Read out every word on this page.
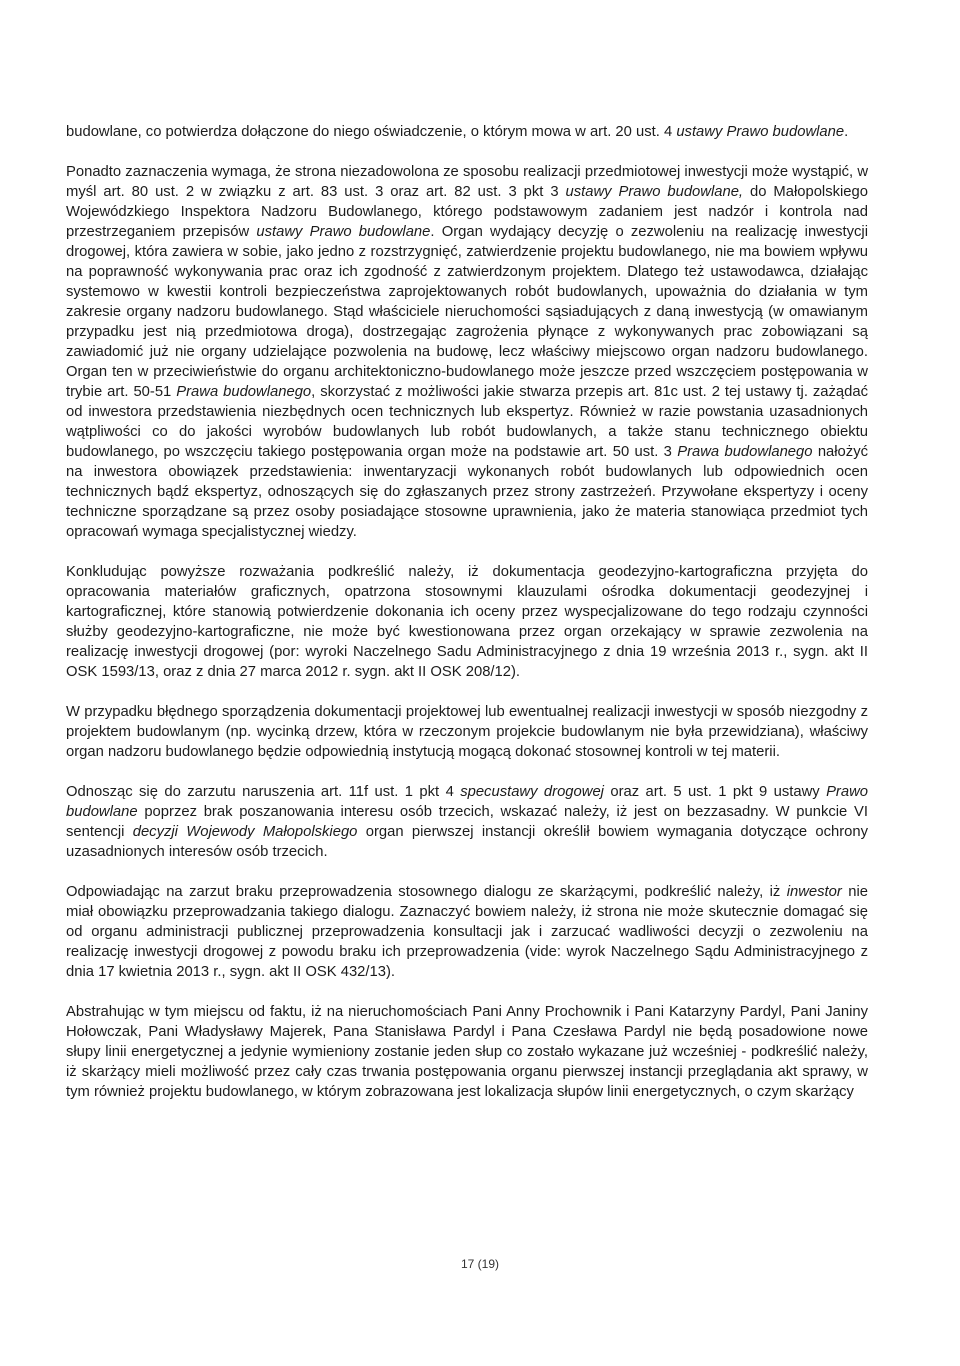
budowlane, co potwierdza dołączone do niego oświadczenie, o którym mowa w art. 20 ust. 4 ustawy Prawo budowlane.

Ponadto zaznaczenia wymaga, że strona niezadowolona ze sposobu realizacji przedmiotowej inwestycji może wystąpić, w myśl art. 80 ust. 2 w związku z art. 83 ust. 3 oraz art. 82 ust. 3 pkt 3 ustawy Prawo budowlane, do Małopolskiego Wojewódzkiego Inspektora Nadzoru Budowlanego, którego podstawowym zadaniem jest nadzór i kontrola nad przestrzeganiem przepisów ustawy Prawo budowlane. Organ wydający decyzję o zezwoleniu na realizację inwestycji drogowej, która zawiera w sobie, jako jedno z rozstrzygnięć, zatwierdzenie projektu budowlanego, nie ma bowiem wpływu na poprawność wykonywania prac oraz ich zgodność z zatwierdzonym projektem. Dlatego też ustawodawca, działając systemowo w kwestii kontroli bezpieczeństwa zaprojektowanych robót budowlanych, upoważnia do działania w tym zakresie organy nadzoru budowlanego. Stąd właściciele nieruchomości sąsiadujących z daną inwestycją (w omawianym przypadku jest nią przedmiotowa droga), dostrzegając zagrożenia płynące z wykonywanych prac zobowiązani są zawiadomić już nie organy udzielające pozwolenia na budowę, lecz właściwy miejscowo organ nadzoru budowlanego. Organ ten w przeciwieństwie do organu architektoniczno-budowlanego może jeszcze przed wszczęciem postępowania w trybie art. 50-51 Prawa budowlanego, skorzystać z możliwości jakie stwarza przepis art. 81c ust. 2 tej ustawy tj. zażądać od inwestora przedstawienia niezbędnych ocen technicznych lub ekspertyz. Również w razie powstania uzasadnionych wątpliwości co do jakości wyrobów budowlanych lub robót budowlanych, a także stanu technicznego obiektu budowlanego, po wszczęciu takiego postępowania organ może na podstawie art. 50 ust. 3 Prawa budowlanego nałożyć na inwestora obowiązek przedstawienia: inwentaryzacji wykonanych robót budowlanych lub odpowiednich ocen technicznych bądź ekspertyz, odnoszących się do zgłaszanych przez strony zastrzeżeń. Przywołane ekspertyzy i oceny techniczne sporządzane są przez osoby posiadające stosowne uprawnienia, jako że materia stanowiąca przedmiot tych opracowań wymaga specjalistycznej wiedzy.

Konkludując powyższe rozważania podkreślić należy, iż dokumentacja geodezyjno-kartograficzna przyjęta do opracowania materiałów graficznych, opatrzona stosownymi klauzulami ośrodka dokumentacji geodezyjnej i kartograficznej, które stanowią potwierdzenie dokonania ich oceny przez wyspecjalizowane do tego rodzaju czynności służby geodezyjno-kartograficzne, nie może być kwestionowana przez organ orzekający w sprawie zezwolenia na realizację inwestycji drogowej (por: wyroki Naczelnego Sadu Administracyjnego z dnia 19 września 2013 r., sygn. akt II OSK 1593/13, oraz z dnia 27 marca 2012 r. sygn. akt II OSK 208/12).

W przypadku błędnego sporządzenia dokumentacji projektowej lub ewentualnej realizacji inwestycji w sposób niezgodny z projektem budowlanym (np. wycinką drzew, która w rzeczonym projekcie budowlanym nie była przewidziana), właściwy organ nadzoru budowlanego będzie odpowiednią instytucją mogącą dokonać stosownej kontroli w tej materii.

Odnosząc się do zarzutu naruszenia art. 11f ust. 1 pkt 4 specustawy drogowej oraz art. 5 ust. 1 pkt 9 ustawy Prawo budowlane poprzez brak poszanowania interesu osób trzecich, wskazać należy, iż jest on bezzasadny. W punkcie VI sentencji decyzji Wojewody Małopolskiego organ pierwszej instancji określił bowiem wymagania dotyczące ochrony uzasadnionych interesów osób trzecich.

Odpowiadając na zarzut braku przeprowadzenia stosownego dialogu ze skarżącymi, podkreślić należy, iż inwestor nie miał obowiązku przeprowadzania takiego dialogu. Zaznaczyć bowiem należy, iż strona nie może skutecznie domagać się od organu administracji publicznej przeprowadzenia konsultacji jak i zarzucać wadliwości decyzji o zezwoleniu na realizację inwestycji drogowej z powodu braku ich przeprowadzenia (vide: wyrok Naczelnego Sądu Administracyjnego z dnia 17 kwietnia 2013 r., sygn. akt II OSK 432/13).

Abstrahując w tym miejscu od faktu, iż na nieruchomościach Pani Anny Prochownik i Pani Katarzyny Pardyl, Pani Janiny Hołowczak, Pani Władysławy Majerek, Pana Stanisława Pardyl i Pana Czesława Pardyl nie będą posadowione nowe słupy linii energetycznej a jedynie wymieniony zostanie jeden słup co zostało wykazane już wcześniej - podkreślić należy, iż skarżący mieli możliwość przez cały czas trwania postępowania organu pierwszej instancji przeglądania akt sprawy, w tym również projektu budowlanego, w którym zobrazowana jest lokalizacja słupów linii energetycznych, o czym skarżący

17 (19)
